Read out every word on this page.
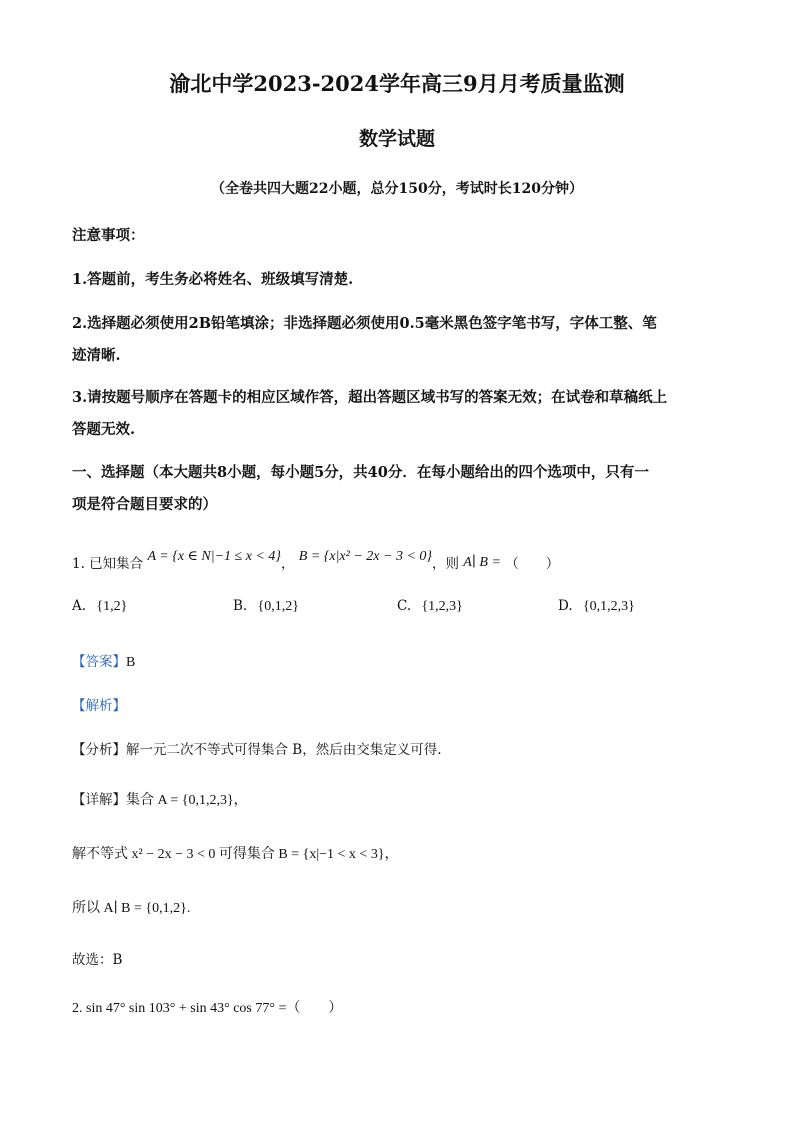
渝北中学2023-2024学年高三9月月考质量监测
数学试题
（全卷共四大题22小题，总分150分，考试时长120分钟）
注意事项：
1.答题前，考生务必将姓名、班级填写清楚.
2.选择题必须使用2B铅笔填涂；非选择题必须使用0.5毫米黑色签字笔书写，字体工整、笔
迹清晰.
3.请按题号顺序在答题卡的相应区域作答，超出答题区域书写的答案无效；在试卷和草稿纸上
答题无效.
一、选择题（本大题共8小题，每小题5分，共40分．在每小题给出的四个选项中，只有一
项是符合题目要求的）
1. 已知集合 A = {x ∈ N|−1 ≤ x < 4}， B = {x|x² − 2x − 3 < 0}，则 A∣ B = （　　）
A. {1,2}	B. {0,1,2}	C. {1,2,3}	D. {0,1,2,3}
【答案】B
【解析】
【分析】解一元二次不等式可得集合 B，然后由交集定义可得.
【详解】集合 A = {0,1,2,3}，
解不等式 x² − 2x − 3 < 0 可得集合 B = {x|−1 < x < 3}，
所以 A∣ B = {0,1,2}.
故选：B
2. sin 47° sin 103° + sin 43° cos 77° =（　　）
